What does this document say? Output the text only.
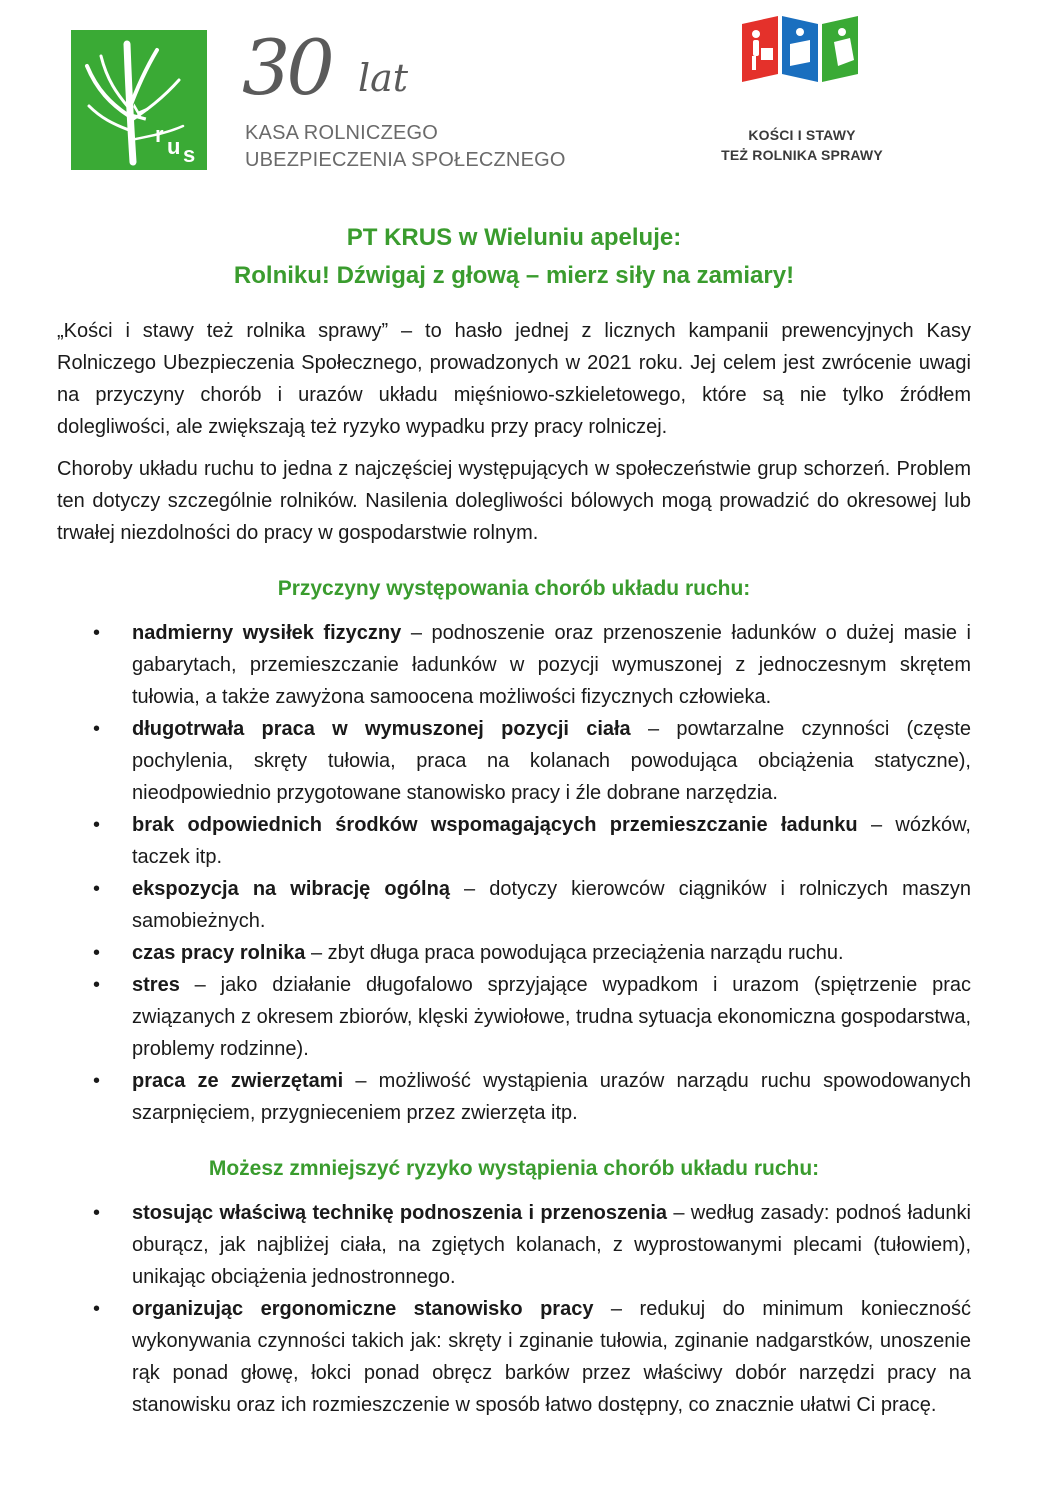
K
r u s
30 lat
KASA ROLNICZEGO
UBEZPIECZENIA SPOŁECZNEGO
KOŚCI I STAWY
TEŻ ROLNIKA SPRAWY
PT KRUS w Wieluniu apeluje:
Rolniku! Dźwigaj z głową – mierz siły na zamiary!

„Kości i stawy też rolnika sprawy” – to hasło jednej z licznych kampanii prewencyjnych Kasy Rolniczego Ubezpieczenia Społecznego, prowadzonych w 2021 roku. Jej celem jest zwrócenie uwagi na przyczyny chorób i urazów układu mięśniowo-szkieletowego, które są nie tylko źródłem dolegliwości, ale zwiększają też ryzyko wypadku przy pracy rolniczej.

Choroby układu ruchu to jedna z najczęściej występujących w społeczeństwie grup schorzeń. Problem ten dotyczy szczególnie rolników. Nasilenia dolegliwości bólowych mogą prowadzić do okresowej lub trwałej niezdolności do pracy w gospodarstwie rolnym.

Przyczyny występowania chorób układu ruchu:
• nadmierny wysiłek fizyczny – podnoszenie oraz przenoszenie ładunków o dużej masie i gabarytach, przemieszczanie ładunków w pozycji wymuszonej z jednoczesnym skrętem tułowia, a także zawyżona samoocena możliwości fizycznych człowieka.
• długotrwała praca w wymuszonej pozycji ciała – powtarzalne czynności (częste pochylenia, skręty tułowia, praca na kolanach powodująca obciążenia statyczne), nieodpowiednio przygotowane stanowisko pracy i źle dobrane narzędzia.
• brak odpowiednich środków wspomagających przemieszczanie ładunku – wózków, taczek itp.
• ekspozycja na wibrację ogólną – dotyczy kierowców ciągników i rolniczych maszyn samobieżnych.
• czas pracy rolnika – zbyt długa praca powodująca przeciążenia narządu ruchu.
• stres – jako działanie długofalowo sprzyjające wypadkom i urazom (spiętrzenie prac związanych z okresem zbiorów, klęski żywiołowe, trudna sytuacja ekonomiczna gospodarstwa, problemy rodzinne).
• praca ze zwierzętami – możliwość wystąpienia urazów narządu ruchu spowodowanych szarpnięciem, przygnieceniem przez zwierzęta itp.
Możesz zmniejszyć ryzyko wystąpienia chorób układu ruchu:
• stosując właściwą technikę podnoszenia i przenoszenia – według zasady: podnoś ładunki oburącz, jak najbliżej ciała, na zgiętych kolanach, z wyprostowanymi plecami (tułowiem), unikając obciążenia jednostronnego.
• organizując ergonomiczne stanowisko pracy – redukuj do minimum konieczność wykonywania czynności takich jak: skręty i zginanie tułowia, zginanie nadgarstków, unoszenie rąk ponad głowę, łokci ponad obręcz barków przez właściwy dobór narzędzi pracy na stanowisku oraz ich rozmieszczenie w sposób łatwo dostępny, co znacznie ułatwi Ci pracę.
